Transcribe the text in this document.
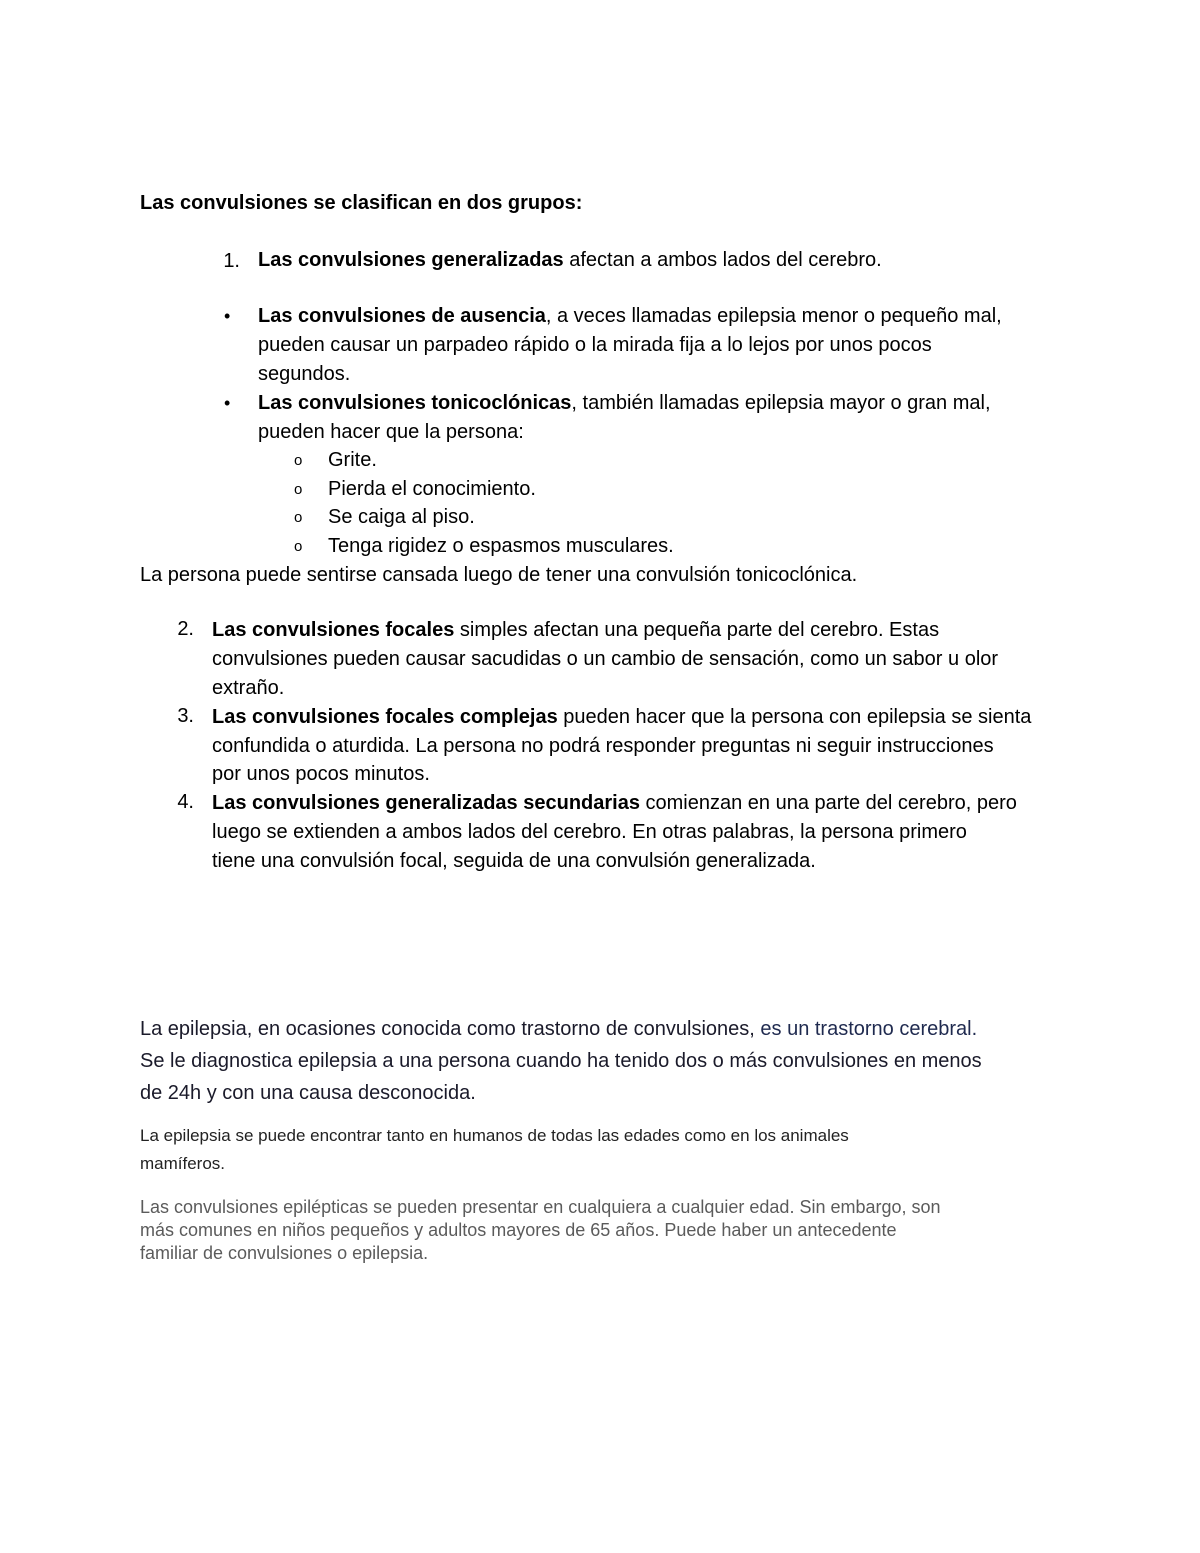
Las convulsiones se clasifican en dos grupos:

1. Las convulsiones generalizadas afectan a ambos lados del cerebro.
• Las convulsiones de ausencia, a veces llamadas epilepsia menor o pequeño mal,
pueden causar un parpadeo rápido o la mirada fija a lo lejos por unos pocos
segundos.
• Las convulsiones tonicoclónicas, también llamadas epilepsia mayor o gran mal,
pueden hacer que la persona:
o Grite.
o Pierda el conocimiento.
o Se caiga al piso.
o Tenga rigidez o espasmos musculares.
La persona puede sentirse cansada luego de tener una convulsión tonicoclónica.
2. Las convulsiones focales simples afectan una pequeña parte del cerebro. Estas
convulsiones pueden causar sacudidas o un cambio de sensación, como un sabor u olor
extraño.
3. Las convulsiones focales complejas pueden hacer que la persona con epilepsia se sienta
confundida o aturdida. La persona no podrá responder preguntas ni seguir instrucciones
por unos pocos minutos.
4. Las convulsiones generalizadas secundarias comienzan en una parte del cerebro, pero
luego se extienden a ambos lados del cerebro. En otras palabras, la persona primero
tiene una convulsión focal, seguida de una convulsión generalizada.
La epilepsia, en ocasiones conocida como trastorno de convulsiones, es un trastorno cerebral.
Se le diagnostica epilepsia a una persona cuando ha tenido dos o más convulsiones en menos
de 24h y con una causa desconocida.
La epilepsia se puede encontrar tanto en humanos de todas las edades como en los animales
mamíferos.
Las convulsiones epilépticas se pueden presentar en cualquiera a cualquier edad. Sin embargo, son
más comunes en niños pequeños y adultos mayores de 65 años. Puede haber un antecedente
familiar de convulsiones o epilepsia.
